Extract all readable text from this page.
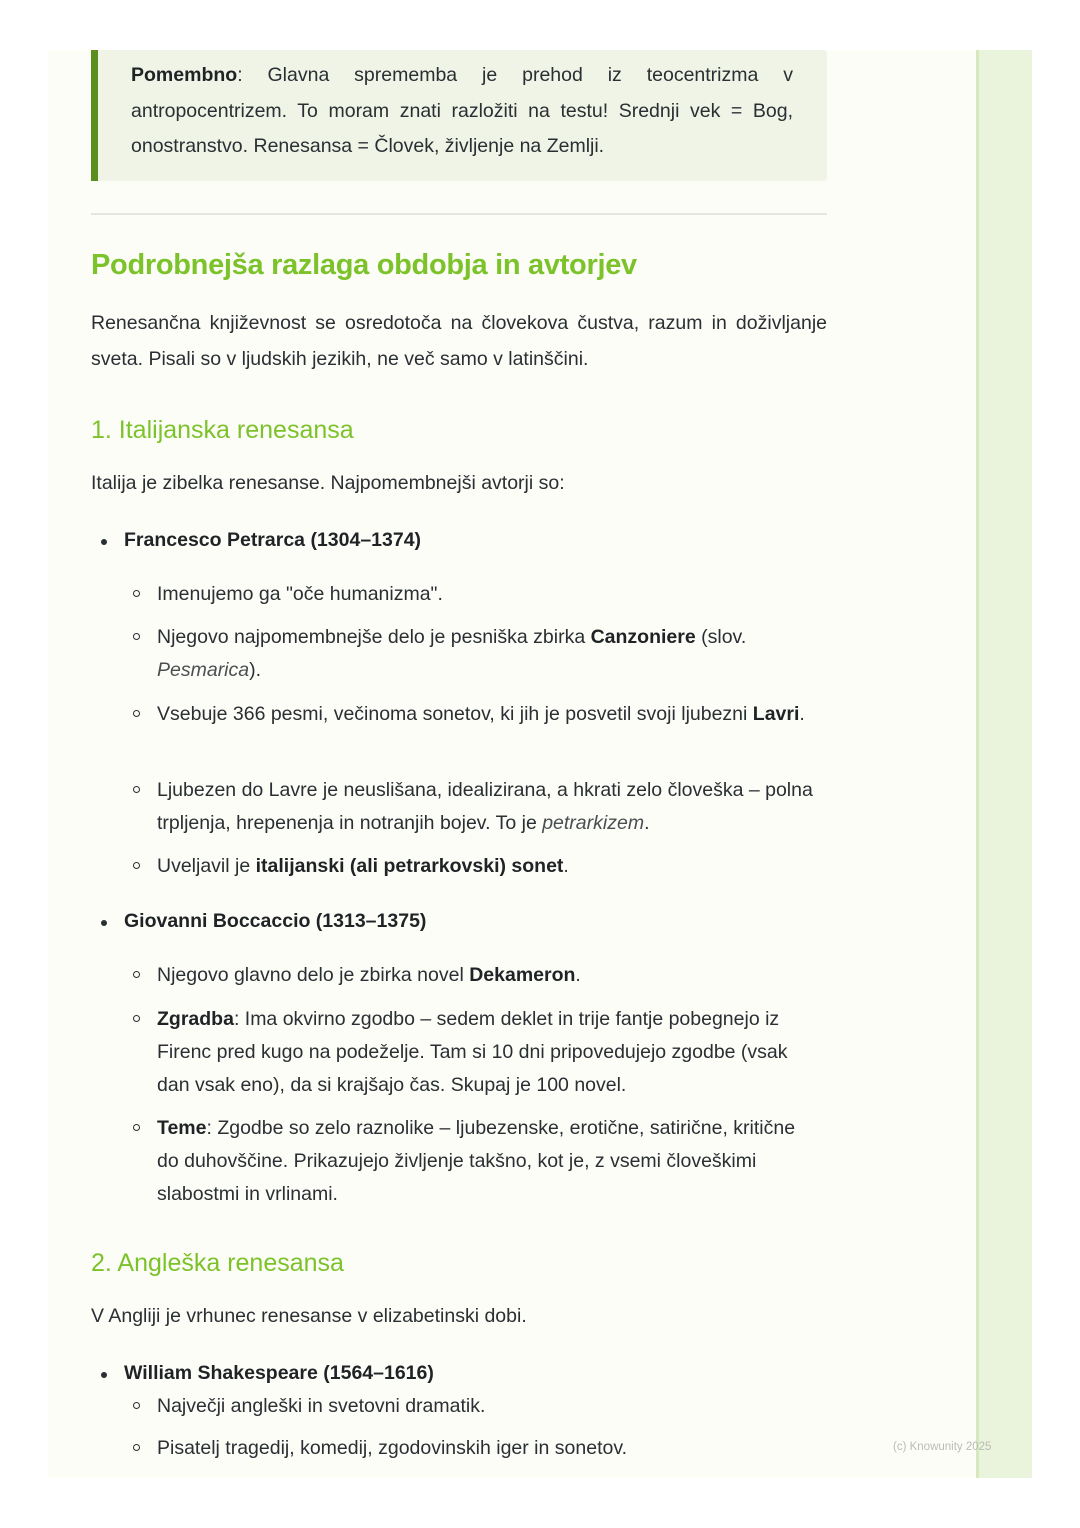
Pomembno: Glavna sprememba je prehod iz teocentrizma v antropocentrizem. To moram znati razložiti na testu! Srednji vek = Bog, onostranstvo. Renesansa = Človek, življenje na Zemlji.
Podrobnejša razlaga obdobja in avtorjev

Renesančna književnost se osredotoča na človekova čustva, razum in doživljanje sveta. Pisali so v ljudskih jezikih, ne več samo v latinščini.

1. Italijanska renesansa

Italija je zibelka renesanse. Najpomembnejši avtorji so:

Francesco Petrarca (1304–1374)

Imenujemo ga "oče humanizma".

Njegovo najpomembnejše delo je pesniška zbirka Canzoniere (slov. Pesmarica).

Vsebuje 366 pesmi, večinoma sonetov, ki jih je posvetil svoji ljubezni Lavri.

Ljubezen do Lavre je neuslišana, idealizirana, a hkrati zelo človeška – polna trpljenja, hrepenenja in notranjih bojev. To je petrarkizem.

Uveljavil je italijanski (ali petrarkovski) sonet.

Giovanni Boccaccio (1313–1375)

Njegovo glavno delo je zbirka novel Dekameron.

Zgradba: Ima okvirno zgodbo – sedem deklet in trije fantje pobegnejo iz Firenc pred kugo na podeželje. Tam si 10 dni pripovedujejo zgodbe (vsak dan vsak eno), da si krajšajo čas. Skupaj je 100 novel.

Teme: Zgodbe so zelo raznolike – ljubezenske, erotične, satirične, kritične do duhovščine. Prikazujejo življenje takšno, kot je, z vsemi človeškimi slabostmi in vrlinami.

2. Angleška renesansa

V Angliji je vrhunec renesanse v elizabetinski dobi.

William Shakespeare (1564–1616)

Največji angleški in svetovni dramatik.

Pisatelj tragedij, komedij, zgodovinskih iger in sonetov.	(c) Knowunity 2025
